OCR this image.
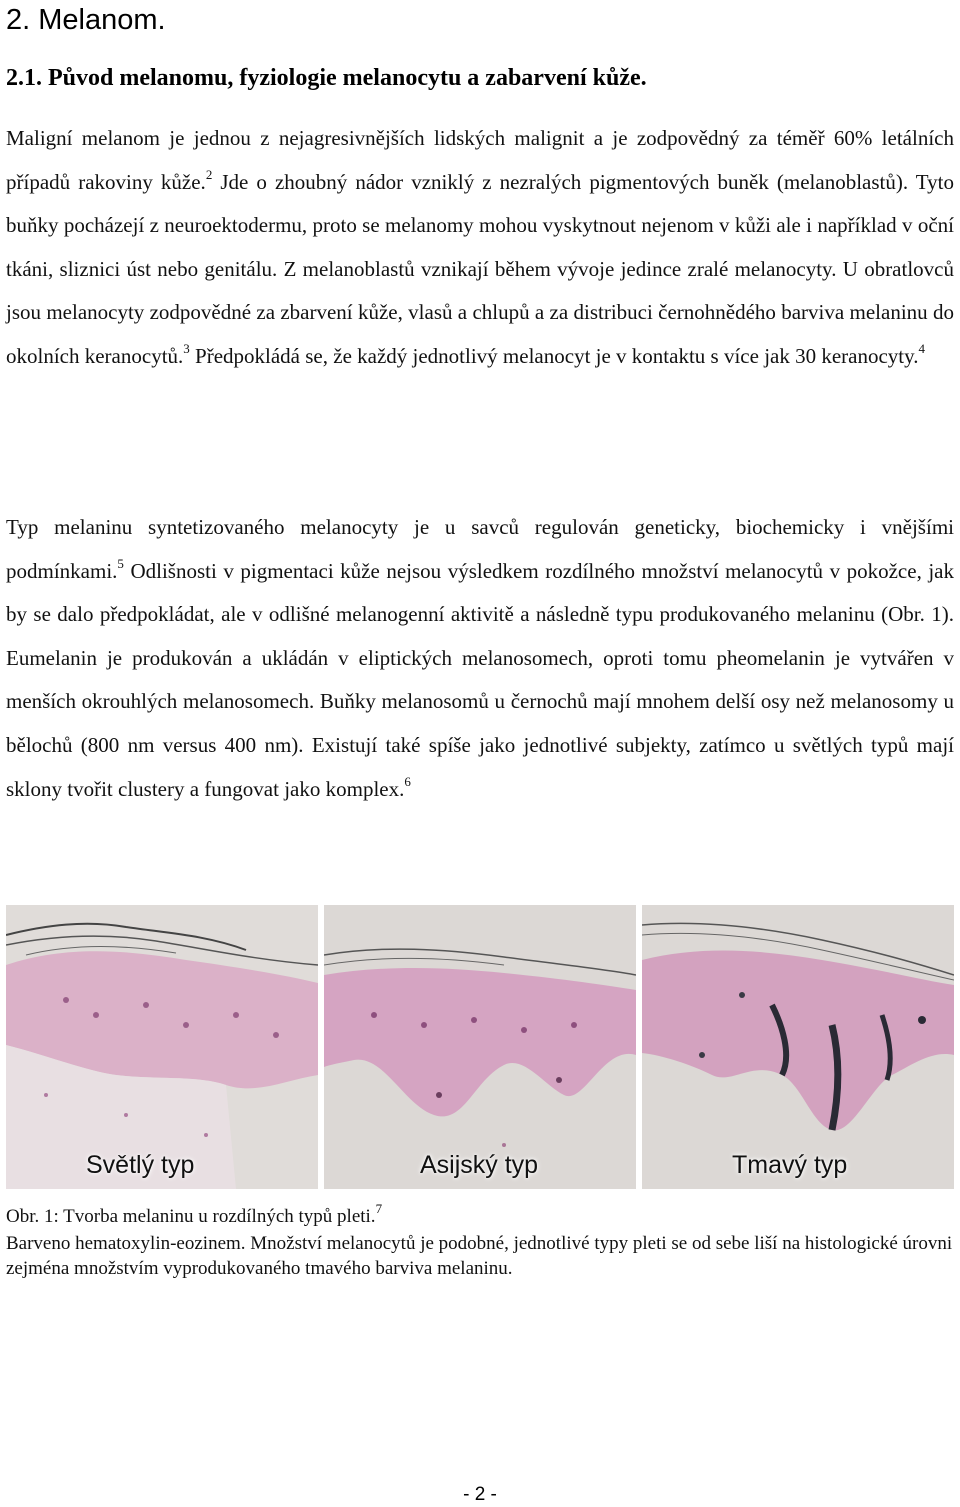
2. Melanom.
2.1. Původ melanomu, fyziologie melanocytu a zabarvení kůže.

Maligní melanom je jednou z nejagresivnějších lidských malignit a je zodpovědný za téměř 60% letálních případů rakoviny kůže.$^2$ Jde o zhoubný nádor vzniklý z nezralých pigmentových buněk (melanoblastů). Tyto buňky pocházejí z neuroektodermu, proto se melanomy mohou vyskytnout nejenom v kůži ale i například v oční tkáni, sliznici úst nebo genitálu. Z melanoblastů vznikají během vývoje jedince zralé melanocyty. U obratlovců jsou melanocyty zodpovědné za zbarvení kůže, vlasů a chlupů a za distribuci černohnědého barviva melaninu do okolních keranocytů.$^3$ Předpokládá se, že každý jednotlivý melanocyt je v kontaktu s více jak 30 keranocyty.$^4$

Typ melaninu syntetizovaného melanocyty je u savců regulován geneticky, biochemicky i vnějšími podmínkami.$^5$ Odlišnosti v pigmentaci kůže nejsou výsledkem rozdílného množství melanocytů v pokožce, jak by se dalo předpokládat, ale v odlišné melanogenní aktivitě a následně typu produkovaného melaninu (Obr. 1). Eumelanin je produkován a ukládán v eliptických melanosomech, oproti tomu pheomelanin je vytvářen v menších okrouhlých melanosomech. Buňky melanosomů u černochů mají mnohem delší osy než melanosomy u bělochů (800 nm versus 400 nm). Existují také spíše jako jednotlivé subjekty, zatímco u světlých typů mají sklony tvořit clustery a fungovat jako komplex.$^6$

Světlý typ	Asijský typ	Tmavý typ

Obr. 1: Tvorba melaninu u rozdílných typů pleti.$^7$

Barveno hematoxylin-eozinem. Množství melanocytů je podobné, jednotlivé typy pleti se od sebe liší na histologické úrovni zejména množstvím vyprodukovaného tmavého barviva melaninu.

- 2 -
